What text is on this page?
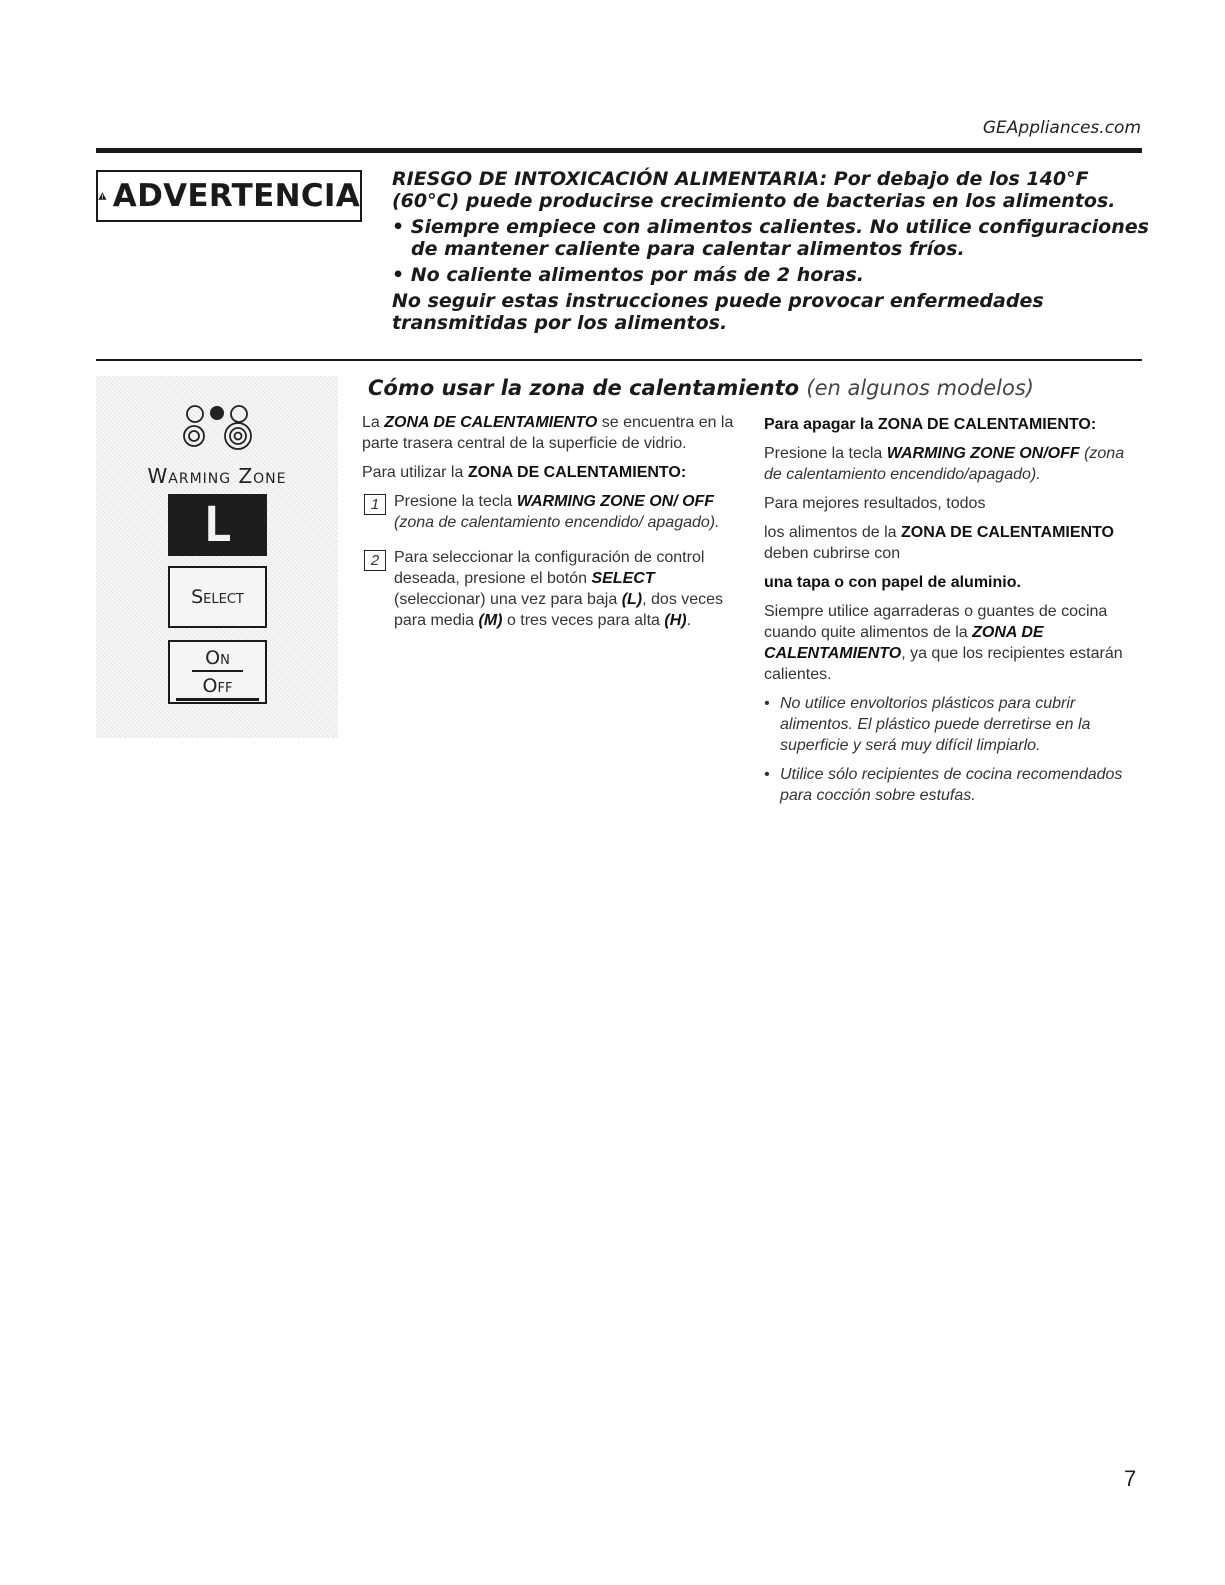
GEAppliances.com
ADVERTENCIA RIESGO DE INTOXICACIÓN ALIMENTARIA: Por debajo de los 140°F (60°C) puede producirse crecimiento de bacterias en los alimentos.

• Siempre empiece con alimentos calientes. No utilice configuraciones
de mantener caliente para calentar alimentos fríos.

• No caliente alimentos por más de 2 horas.

No seguir estas instrucciones puede provocar enfermedades transmitidas por los alimentos.

Warming Zone
L
Select
On
Off
Cómo usar la zona de calentamiento (en algunos modelos)

La ZONA DE CALENTAMIENTO se encuentra en la parte trasera central de la superficie de vidrio.

Para utilizar la ZONA DE CALENTAMIENTO:

1 Presione la tecla WARMING ZONE ON/ OFF (zona de calentamiento encendido/ apagado).
2 Para seleccionar la configuración de control deseada, presione el botón SELECT (seleccionar) una vez para baja (L), dos veces para media (M) o tres veces para alta (H).

Para apagar la ZONA DE CALENTAMIENTO:

Presione la tecla WARMING ZONE ON/OFF (zona de calentamiento encendido/apagado).

Para mejores resultados, todos

los alimentos de la ZONA DE CALENTAMIENTO deben cubrirse con

una tapa o con papel de aluminio.

Siempre utilice agarraderas o guantes de cocina cuando quite alimentos de la ZONA DE CALENTAMIENTO, ya que los recipientes estarán calientes.

• No utilice envoltorios plásticos para cubrir alimentos. El plástico puede derretirse en la superficie y será muy difícil limpiarlo.
• Utilice sólo recipientes de cocina recomendados para cocción sobre estufas.
7
